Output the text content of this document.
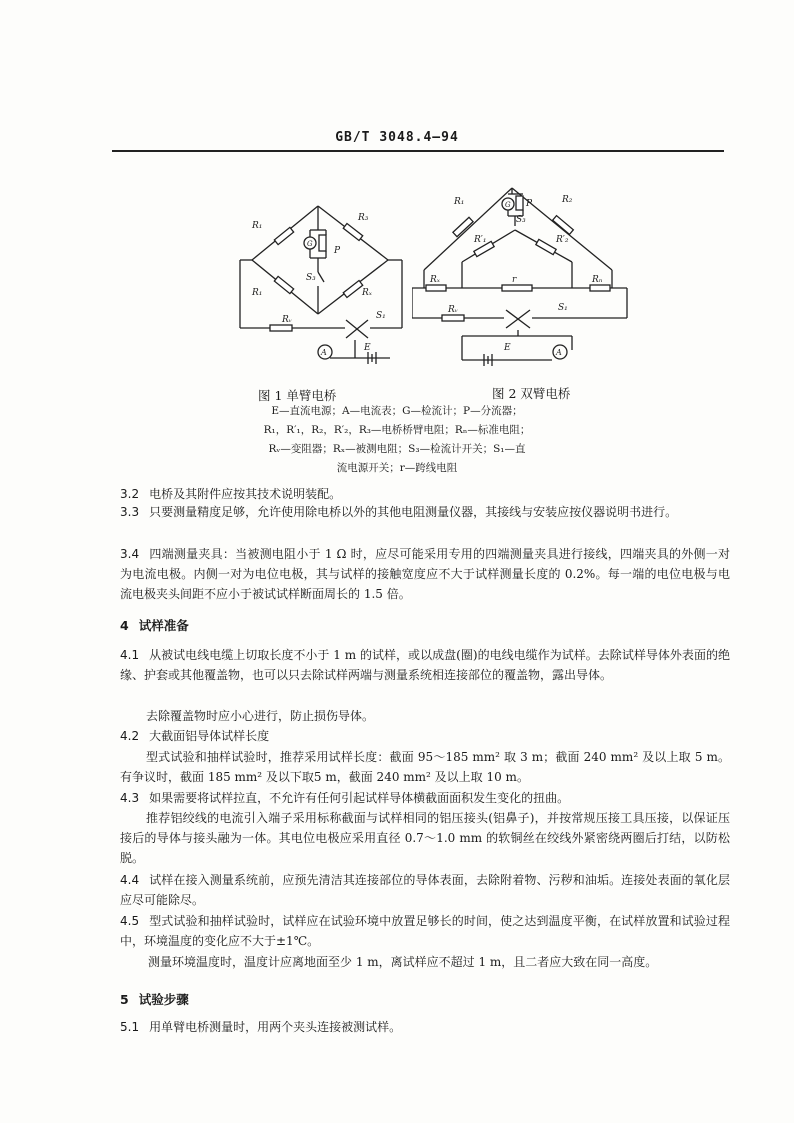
GB/T 3048.4—94
R₁
R₃
P
S₃
R₁	Rₓ
Rᵥ	S₁
E
A
G
R₁	R₂
P
S₃
R′₁	R′₂
Rₓ	r	Rₙ
Rᵥ	S₁
E	A
G
图 1 单臂电桥	图 2 双臂电桥
E—直流电源；A—电流表；G—检流计；P—分流器；
R₁，R′₁，R₂，R′₂，R₃—电桥桥臂电阻；Rₙ—标准电阻；
Rᵥ—变阻器；Rₓ—被测电阻；S₃—检流计开关；S₁—直
流电源开关；r—跨线电阻
3.2 电桥及其附件应按其技术说明装配。
3.3 只要测量精度足够，允许使用除电桥以外的其他电阻测量仪器，其接线与安装应按仪器说明书进行。
3.4 四端测量夹具：当被测电阻小于 1 Ω 时，应尽可能采用专用的四端测量夹具进行接线，四端夹具的外侧一对为电流电极。内侧一对为电位电极，其与试样的接触宽度应不大于试样测量长度的 0.2%。每一端的电位电极与电流电极夹头间距不应小于被试试样断面周长的 1.5 倍。
4 试样准备
4.1 从被试电线电缆上切取长度不小于 1 m 的试样，或以成盘(圈)的电线电缆作为试样。去除试样导体外表面的绝缘、护套或其他覆盖物，也可以只去除试样两端与测量系统相连接部位的覆盖物，露出导体。
去除覆盖物时应小心进行，防止损伤导体。
4.2 大截面铝导体试样长度
型式试验和抽样试验时，推荐采用试样长度：截面 95～185 mm² 取 3 m；截面 240 mm² 及以上取 5 m。有争议时，截面 185 mm² 及以下取5 m，截面 240 mm² 及以上取 10 m。
4.3 如果需要将试样拉直，不允许有任何引起试样导体横截面面积发生变化的扭曲。
推荐铝绞线的电流引入端子采用标称截面与试样相同的铝压接头(铝鼻子)，并按常规压接工具压接，以保证压接后的导体与接头融为一体。其电位电极应采用直径 0.7～1.0 mm 的软铜丝在绞线外紧密绕两圈后打结，以防松脱。
4.4 试样在接入测量系统前，应预先清洁其连接部位的导体表面，去除附着物、污秽和油垢。连接处表面的氧化层应尽可能除尽。
4.5 型式试验和抽样试验时，试样应在试验环境中放置足够长的时间，使之达到温度平衡，在试样放置和试验过程中，环境温度的变化应不大于±1℃。
测量环境温度时，温度计应离地面至少 1 m，离试样应不超过 1 m，且二者应大致在同一高度。
5 试验步骤
5.1 用单臂电桥测量时，用两个夹头连接被测试样。
